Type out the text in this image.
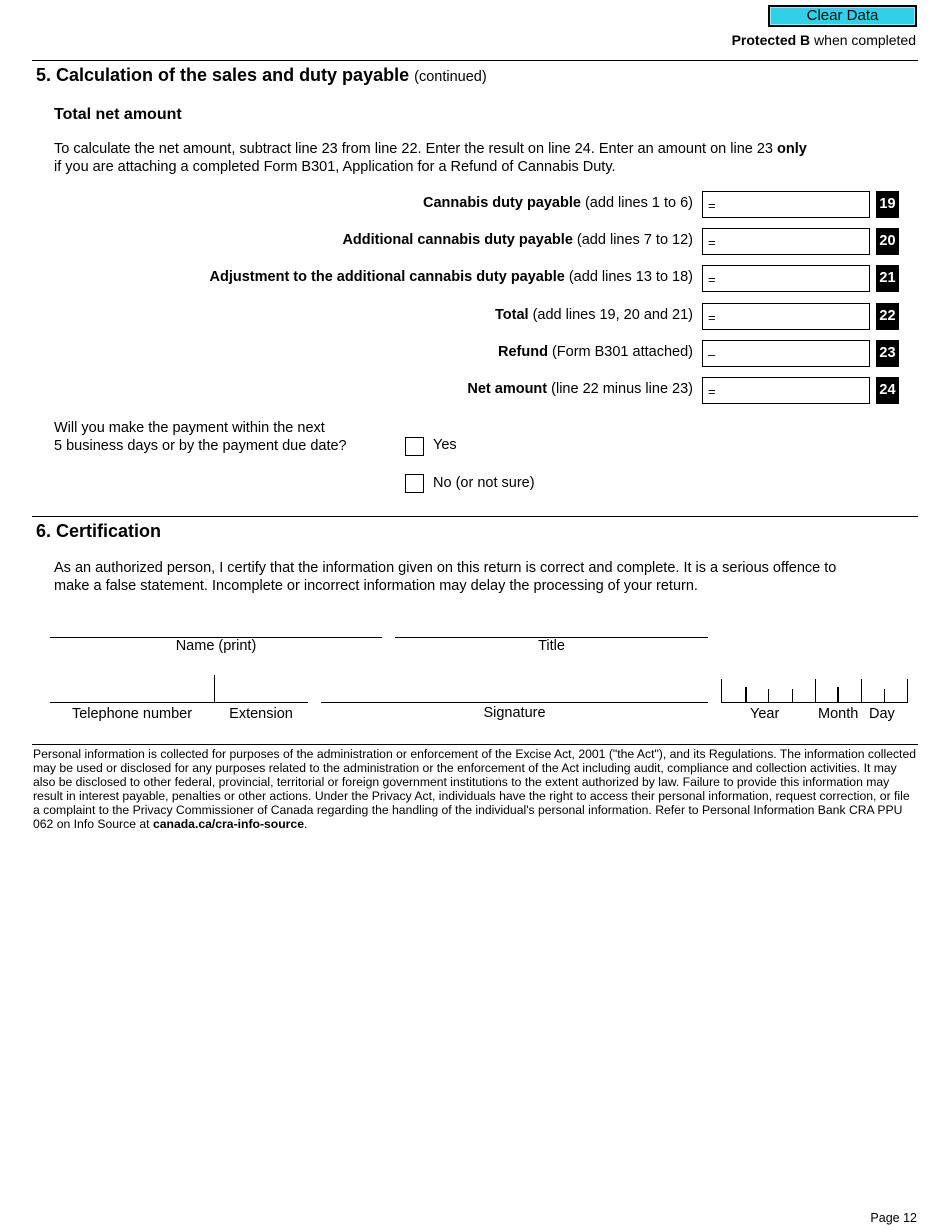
Clear Data
Protected B when completed
5. Calculation of the sales and duty payable (continued)
Total net amount
To calculate the net amount, subtract line 23 from line 22. Enter the result on line 24. Enter an amount on line 23 only
if you are attaching a completed Form B301, Application for a Refund of Cannabis Duty.
Cannabis duty payable (add lines 1 to 6)	=	19
Additional cannabis duty payable (add lines 7 to 12)	=	20
Adjustment to the additional cannabis duty payable (add lines 13 to 18)	=	21
Total (add lines 19, 20 and 21)	=	22
Refund (Form B301 attached)	–	23
Net amount (line 22 minus line 23)	=	24
Will you make the payment within the next
5 business days or by the payment due date?	Yes
No (or not sure)
6. Certification
As an authorized person, I certify that the information given on this return is correct and complete. It is a serious offence to
make a false statement. Incomplete or incorrect information may delay the processing of your return.
Name (print)	Title
Telephone number	Extension	Signature	Year	Month Day
Personal information is collected for purposes of the administration or enforcement of the Excise Act, 2001 ("the Act"), and its Regulations. The information collected may be used or disclosed for any purposes related to the administration or the enforcement of the Act including audit, compliance and collection activities. It may also be disclosed to other federal, provincial, territorial or foreign government institutions to the extent authorized by law. Failure to provide this information may result in interest payable, penalties or other actions. Under the Privacy Act, individuals have the right to access their personal information, request correction, or file a complaint to the Privacy Commissioner of Canada regarding the handling of the individual's personal information. Refer to Personal Information Bank CRA PPU 062 on Info Source at canada.ca/cra-info-source.
Page 12
